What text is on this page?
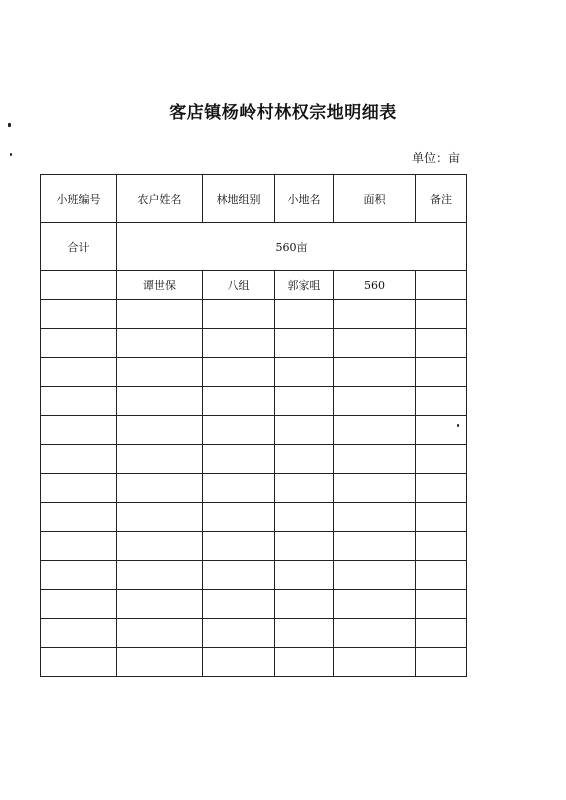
客店镇杨岭村林权宗地明细表
单位：亩
小班编号	农户姓名	林地组别	小地名	面积	备注
合计	560亩				
	谭世保	八组	郭家咀	560	
